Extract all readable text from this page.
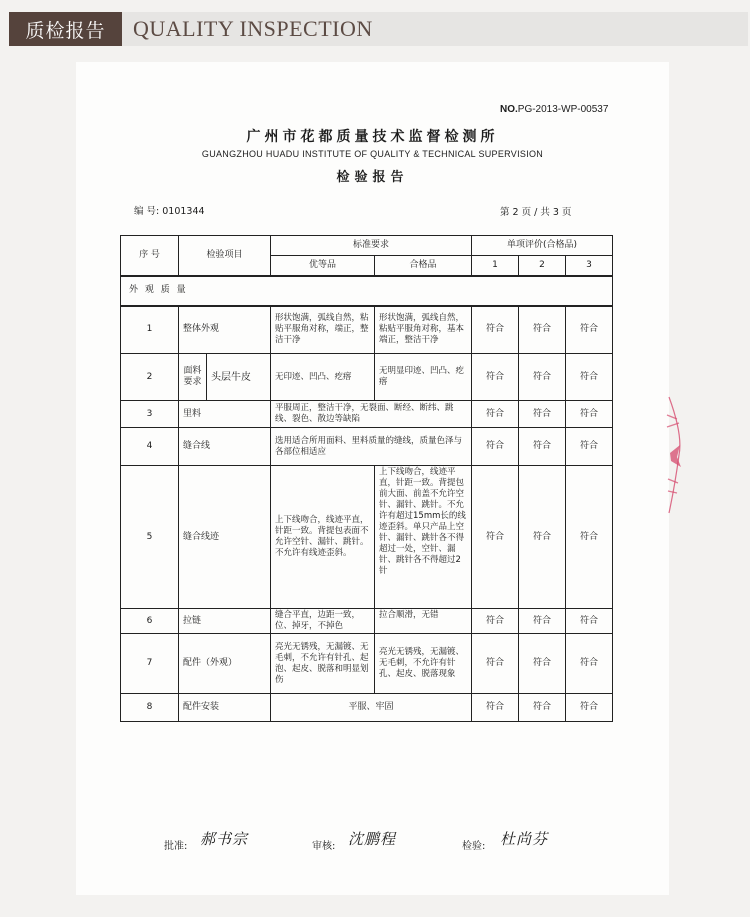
质检报告	QUALITY INSPECTION
NO.PG-2013-WP-00537
广州市花都质量技术监督检测所
GUANGZHOU HUADU INSTITUTE OF QUALITY & TECHNICAL SUPERVISION
检验报告
编 号: 0101344	第 2 页 / 共 3 页
序 号	检验项目		标准要求		单项评价(合格品)		
			优等品	合格品	1	2	3
外 观 质 量							
1	整体外观		形状饱满，弧线自然，粘贴平服角对称，端正，整洁干净	形状饱满，弧线自然，粘贴平服角对称，基本端正，整洁干净	符合	符合	符合
2	面料要求	头层牛皮	无印迹、凹凸、疙瘩	无明显印迹、凹凸、疙瘩	符合	符合	符合
3	里料		平服周正，整洁干净，无裂面、断经、断纬、跳线、裂色、散边等缺陷		符合	符合	符合
4	缝合线		选用适合所用面料、里料质量的缝线，质量色泽与各部位相适应		符合	符合	符合
5	缝合线迹		上下线吻合，线迹平直，针距一致。背提包表面不允许空针、漏针、跳针。不允许有线迹歪斜。	上下线吻合，线迹平直，针距一致。背提包前大面、前盖不允许空针、漏针、跳针。不允许有超过15mm长的线迹歪斜。单只产品上空针、漏针、跳针各不得超过一处，空针、漏针、跳针各不得超过2针	符合	符合	符合
6	拉链		缝合平直，边距一致，位、掉牙，不掉色	拉合顺滑，无错	符合	符合	符合
7	配件（外观）		亮光无锈残，无漏镀、无毛刺，不允许有针孔、起泡、起皮、脱落和明显划伤	亮光无锈残，无漏镀、无毛刺，不允许有针孔、起皮、脱落现象	符合	符合	符合
8	配件安装		平服、牢固		符合	符合	符合
批准: 郝书宗	审核: 沈鹏程	检验: 杜尚芬
